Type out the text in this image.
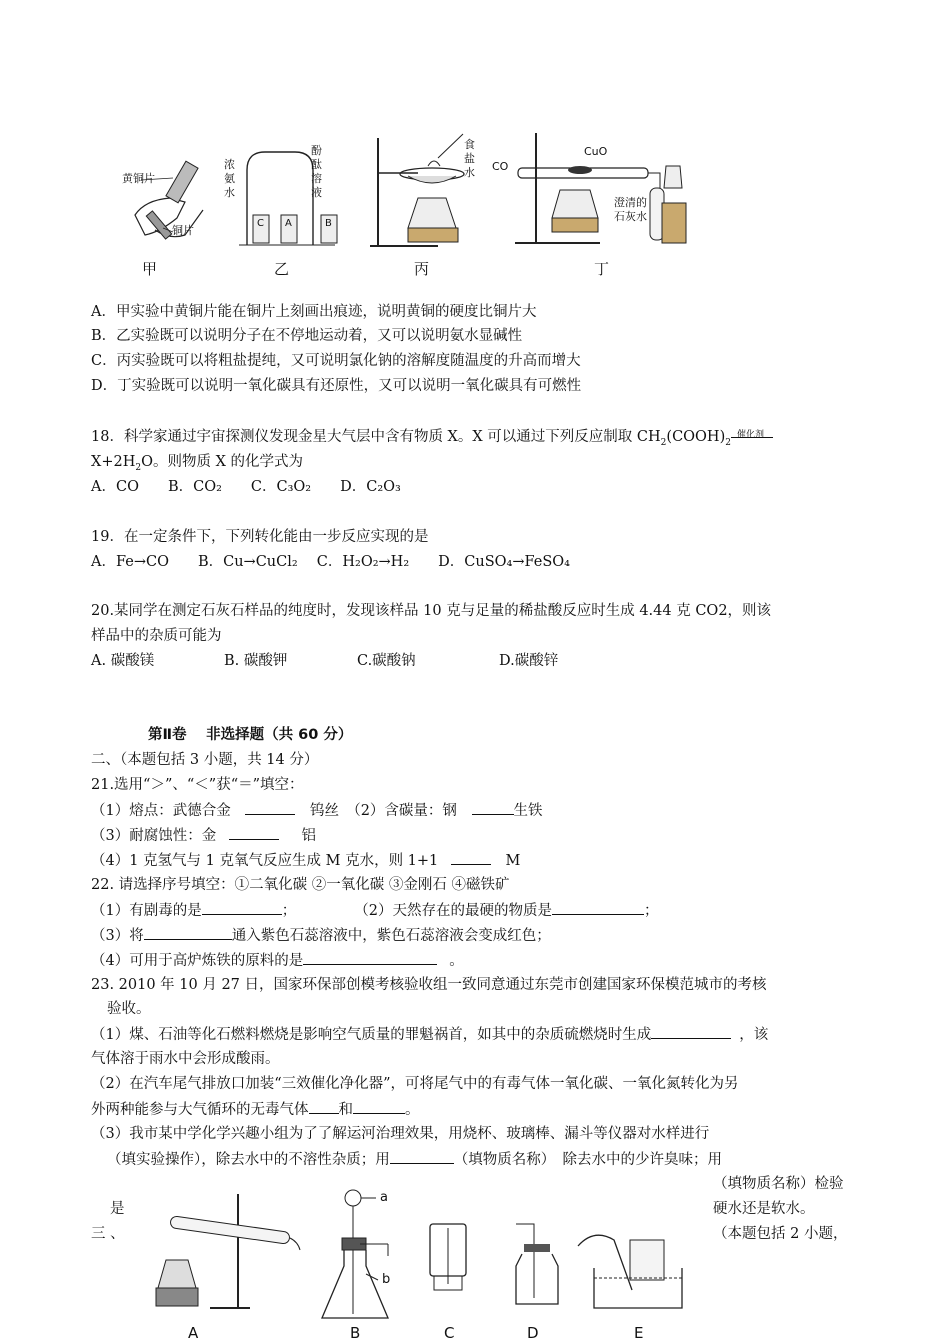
黄铜片
铜片
甲
浓氨水
酚酞溶液
C A	B
乙
食盐水
丙
CO
CuO
澄清的石灰水
丁
A．甲实验中黄铜片能在铜片上刻画出痕迹，说明黄铜的硬度比铜片大
B．乙实验既可以说明分子在不停地运动着，又可以说明氨水显碱性
C．丙实验既可以将粗盐提纯，又可说明氯化钠的溶解度随温度的升高而增大
D．丁实验既可以说明一氧化碳具有还原性，又可以说明一氧化碳具有可燃性
18．科学家通过宇宙探测仪发现金星大气层中含有物质 X。X 可以通过下列反应制取 $CH_2(COOH)_2$
催化剂
$X+2H_2O$。则物质 X 的化学式为
A．CO　　B．CO₂　　C．C₃O₂　　D．C₂O₃
19．在一定条件下，下列转化能由一步反应实现的是
A．Fe→CO　　B．Cu→CuCl₂　 C．H₂O₂→H₂　　D．CuSO₄→FeSO₄
20.某同学在测定石灰石样品的纯度时，发现该样品 10 克与足量的稀盐酸反应时生成 4.44 克 CO2，则该
样品中的杂质可能为
A. 碳酸镁	B. 碳酸钾	C.碳酸钠	D.碳酸锌
第Ⅱ卷　 非选择题（共 60 分）
二、（本题包括 3 小题，共 14 分）
21.选用“＞”、“＜”获“＝”填空：
（1）熔点：武德合金	钨丝　（2）含碳量：钢	生铁
（3）耐腐蚀性：金	铝
（4）1 克氢气与 1 克氧气反应生成 M 克水，则 1+1	M
22. 请选择序号填空：①二氧化碳 ②一氧化碳 ③金刚石 ④磁铁矿
（1）有剧毒的是	；　　　　　（2）天然存在的最硬的物质是	；
（3）将	通入紫色石蕊溶液中，紫色石蕊溶液会变成红色；
（4）可用于高炉炼铁的原料的是	。
23. 2010 年 10 月 27 日，国家环保部创模考核验收组一致同意通过东莞市创建国家环保模范城市的考核
验收。
（1）煤、石油等化石燃料燃烧是影响空气质量的罪魁祸首，如其中的杂质硫燃烧时生成	，该
气体溶于雨水中会形成酸雨。
（2）在汽车尾气排放口加装“三效催化净化器”，可将尾气中的有毒气体一氧化碳、一氧化氮转化为另
外两种能参与大气循环的无毒气体 和	。
（3）我市某中学化学兴趣小组为了了解运河治理效果，用烧杯、玻璃棒、漏斗等仪器对水样进行
（填实验操作），除去水中的不溶性杂质；用	（填物质名称）　除去水中的少许臭味；用
（填物质名称）检验
是	硬水还是软水。
三 、	（本题包括 2 小题，
a
b
A	B	C	D	E
